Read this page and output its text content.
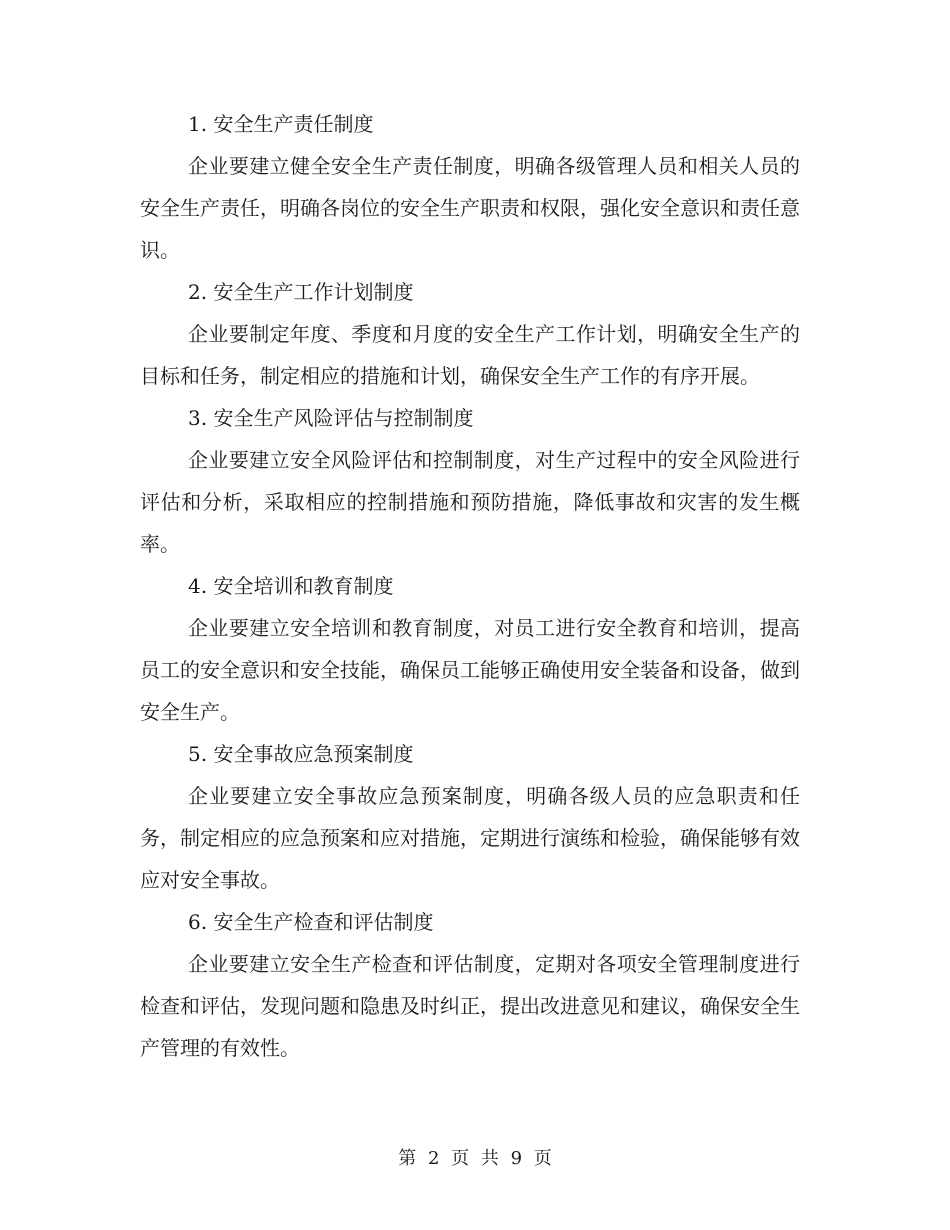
1. 安全生产责任制度

企业要建立健全安全生产责任制度，明确各级管理人员和相关人员的安全生产责任，明确各岗位的安全生产职责和权限，强化安全意识和责任意识。

2. 安全生产工作计划制度

企业要制定年度、季度和月度的安全生产工作计划，明确安全生产的目标和任务，制定相应的措施和计划，确保安全生产工作的有序开展。

3. 安全生产风险评估与控制制度

企业要建立安全风险评估和控制制度，对生产过程中的安全风险进行评估和分析，采取相应的控制措施和预防措施，降低事故和灾害的发生概率。

4. 安全培训和教育制度

企业要建立安全培训和教育制度，对员工进行安全教育和培训，提高员工的安全意识和安全技能，确保员工能够正确使用安全装备和设备，做到安全生产。

5. 安全事故应急预案制度

企业要建立安全事故应急预案制度，明确各级人员的应急职责和任务，制定相应的应急预案和应对措施，定期进行演练和检验，确保能够有效应对安全事故。

6. 安全生产检查和评估制度

企业要建立安全生产检查和评估制度，定期对各项安全管理制度进行检查和评估，发现问题和隐患及时纠正，提出改进意见和建议，确保安全生产管理的有效性。

第 2 页 共 9 页
